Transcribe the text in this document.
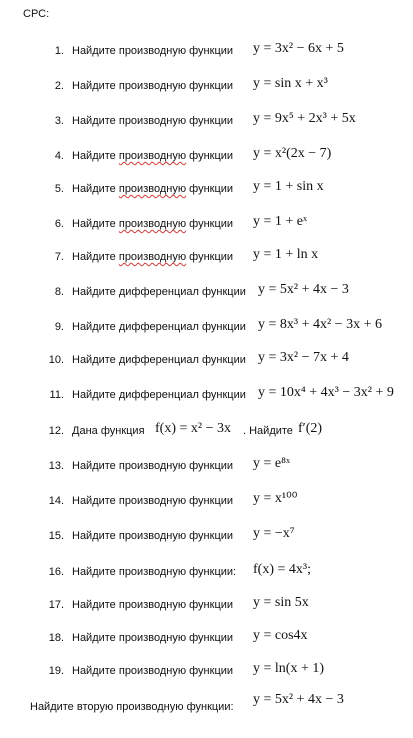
СРС:
1. Найдите производную функции y = 3x² − 6x + 5
2. Найдите производную функции y = sin x + x³
3. Найдите производную функции y = 9x⁵ + 2x³ + 5x
4. Найдите производную функции y = x²(2x − 7)
5. Найдите производную функции y = 1 + sin x
6. Найдите производную функции y = 1 + eˣ
7. Найдите производную функции y = 1 + ln x
8. Найдите дифференциал функции y = 5x² + 4x − 3
9. Найдите дифференциал функции y = 8x³ + 4x² − 3x + 6
10. Найдите дифференциал функции y = 3x² − 7x + 4
11. Найдите дифференциал функции y = 10x⁴ + 4x³ − 3x² + 9
12. Дана функция f(x) = x² − 3x . Найдите f′(2)
13. Найдите производную функции y = e⁸ˣ
14. Найдите производную функции y = x¹⁰⁰
15. Найдите производную функции y = −x⁷
16. Найдите производную функции: f(x) = 4x³;
17. Найдите производную функции y = sin 5x
18. Найдите производную функции y = cos4x
19. Найдите производную функции y = ln(x + 1)
Найдите вторую производную функции: y = 5x² + 4x − 3
